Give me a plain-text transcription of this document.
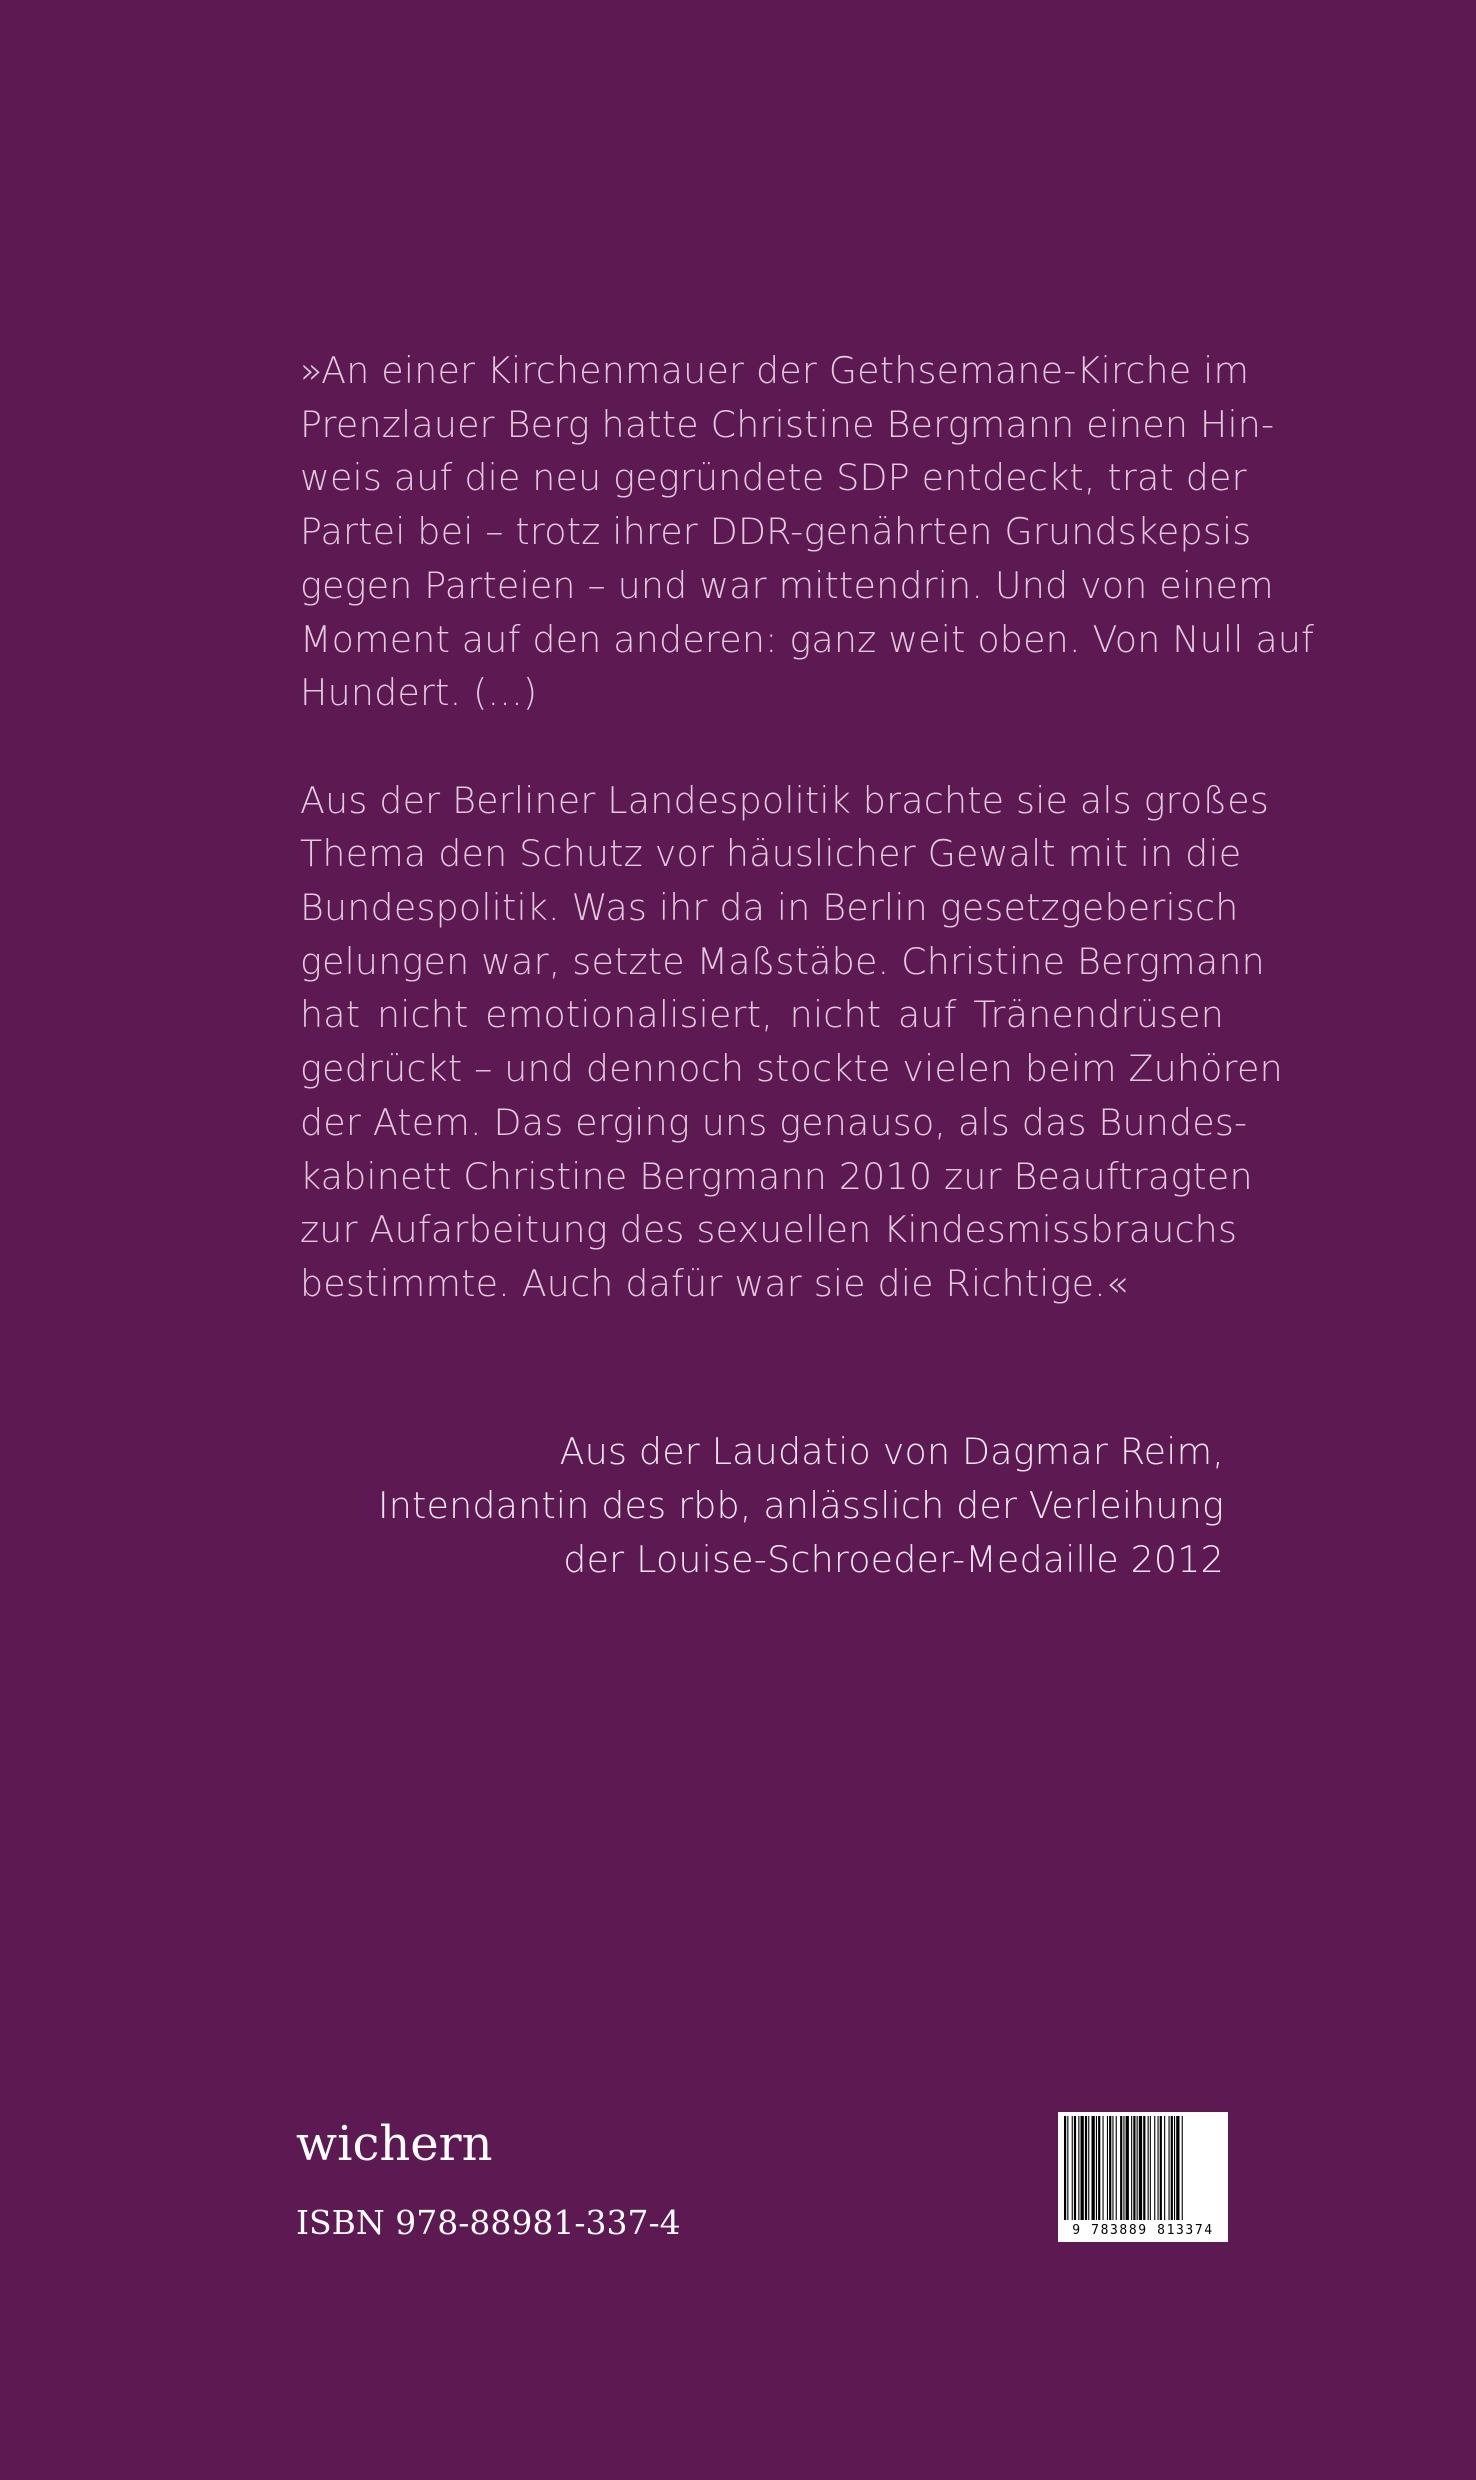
»An einer Kirchenmauer der Gethsemane-Kirche im
Prenzlauer Berg hatte Christine Bergmann einen Hin-
weis auf die neu gegründete SDP entdeckt, trat der
Partei bei – trotz ihrer DDR-genährten Grundskepsis
gegen Parteien – und war mittendrin. Und von einem
Moment auf den anderen: ganz weit oben. Von Null auf
Hundert. (...)

Aus der Berliner Landespolitik brachte sie als großes
Thema den Schutz vor häuslicher Gewalt mit in die
Bundespolitik. Was ihr da in Berlin gesetzgeberisch
gelungen war, setzte Maßstäbe. Christine Bergmann
hat nicht emotionalisiert, nicht auf Tränendrüsen
gedrückt – und dennoch stockte vielen beim Zuhören
der Atem. Das erging uns genauso, als das Bundes-
kabinett Christine Bergmann 2010 zur Beauftragten
zur Aufarbeitung des sexuellen Kindesmissbrauchs
bestimmte. Auch dafür war sie die Richtige.«

Aus der Laudatio von Dagmar Reim,
Intendantin des rbb, anlässlich der Verleihung
der Louise-Schroeder-Medaille 2012
wichern
ISBN 978-88981-337-4	9 783889 813374
